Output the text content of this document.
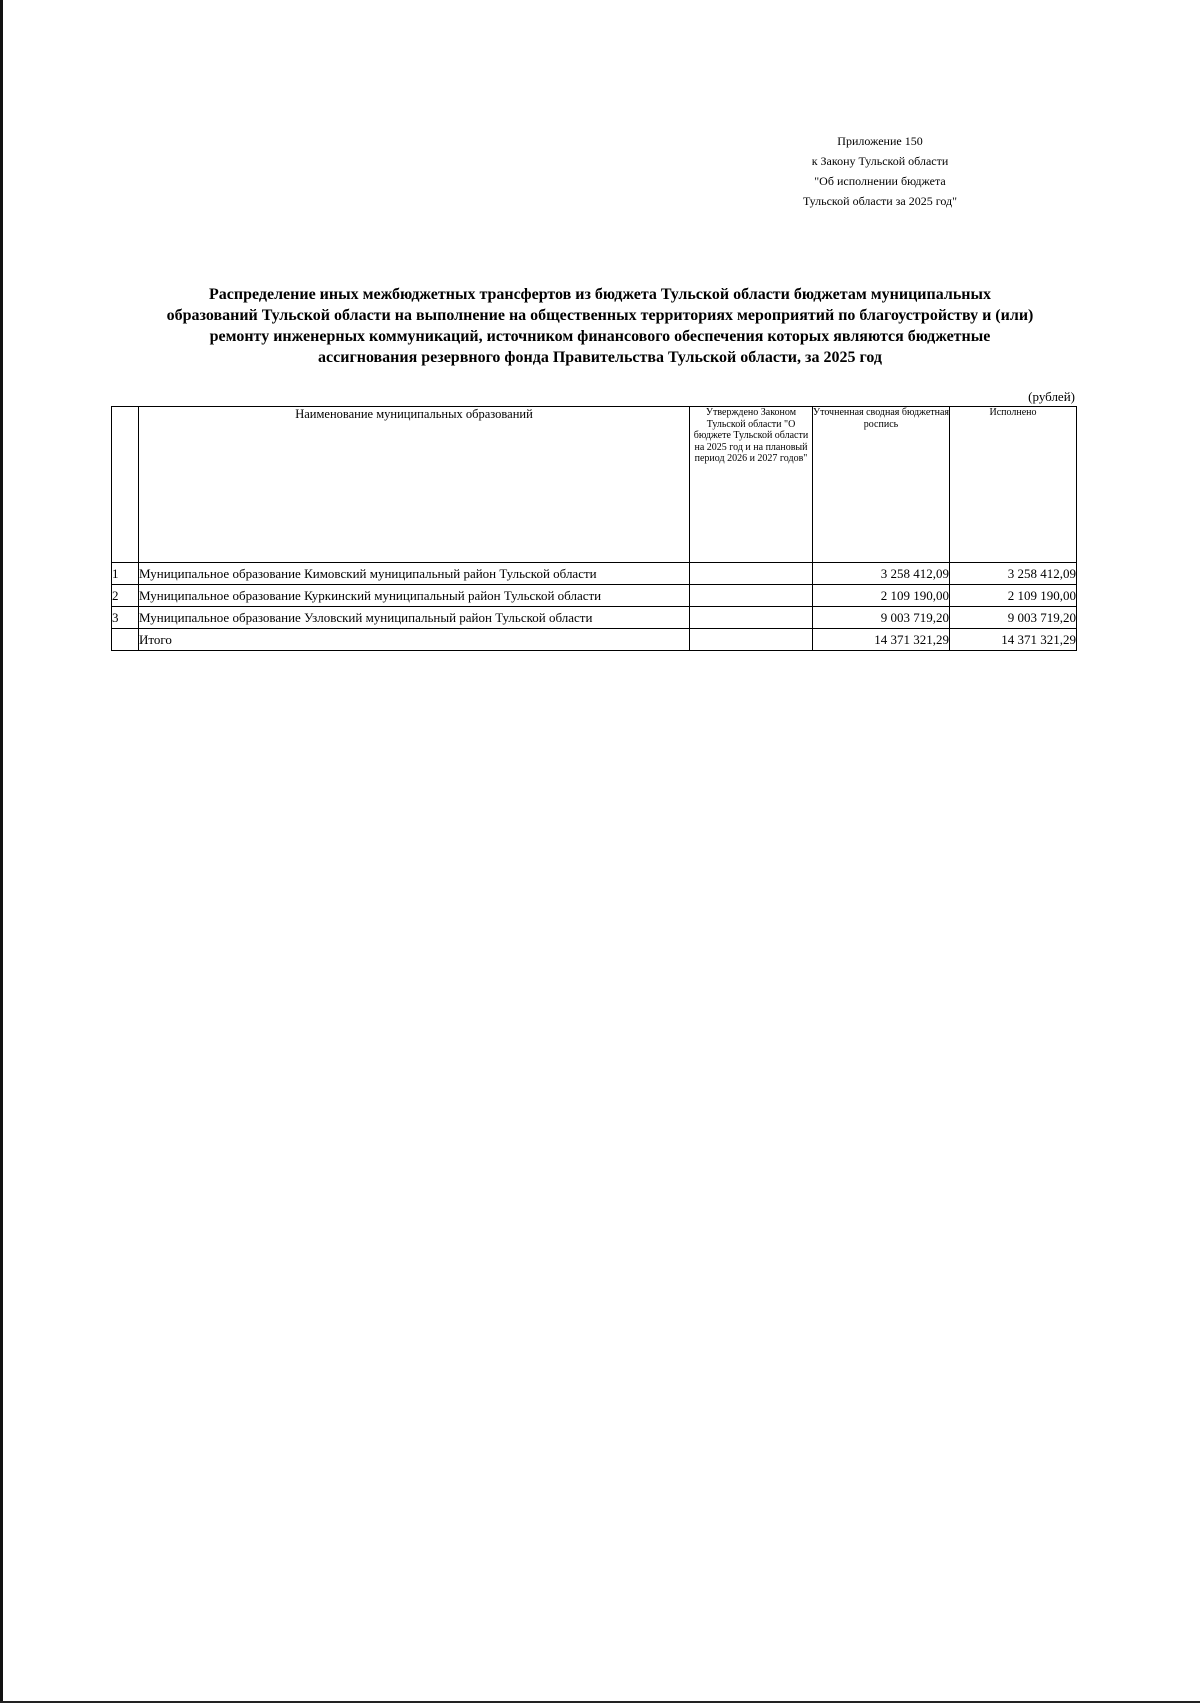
Приложение 150
к Закону Тульской области
"Об исполнении бюджета
Тульской области за 2025 год"
Распределение иных межбюджетных трансфертов из бюджета Тульской области бюджетам муниципальных
образований Тульской области на выполнение на общественных территориях мероприятий по благоустройству и (или)
ремонту инженерных коммуникаций, источником финансового обеспечения которых являются бюджетные
ассигнования резервного фонда Правительства Тульской области, за 2025 год
(рублей)
	Наименование муниципальных образований	Утверждено Законом Тульской области "О бюджете Тульской области на 2025 год и на плановый период 2026 и 2027 годов"	Уточненная сводная бюджетная роспись	Исполнено
1	Муниципальное образование Кимовский муниципальный район Тульской области		3 258 412,09	3 258 412,09
2	Муниципальное образование Куркинский муниципальный район Тульской области		2 109 190,00	2 109 190,00
3	Муниципальное образование Узловский муниципальный район Тульской области		9 003 719,20	9 003 719,20
	Итого		14 371 321,29	14 371 321,29
